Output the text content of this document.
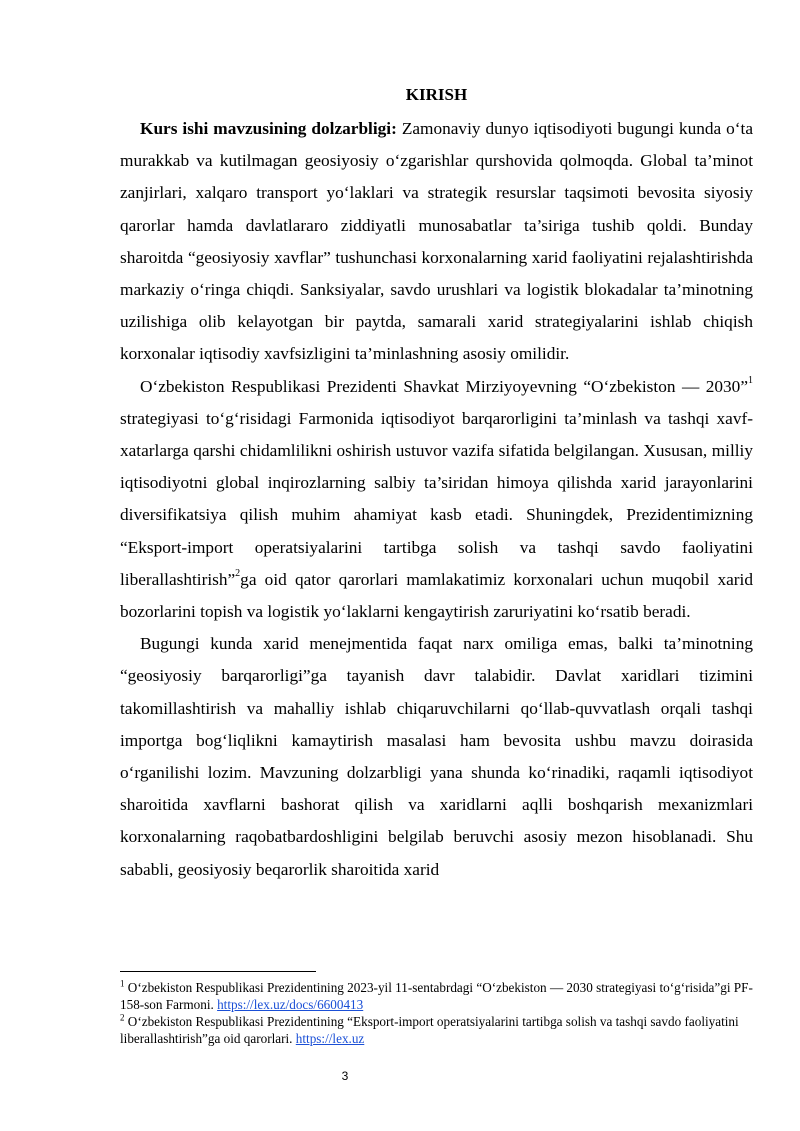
KIRISH

Kurs ishi mavzusining dolzarbligi: Zamonaviy dunyo iqtisodiyoti bugungi kunda o‘ta murakkab va kutilmagan geosiyosiy o‘zgarishlar qurshovida qolmoqda. Global ta’minot zanjirlari, xalqaro transport yo‘laklari va strategik resurslar taqsimoti bevosita siyosiy qarorlar hamda davlatlararo ziddiyatli munosabatlar ta’siriga tushib qoldi. Bunday sharoitda “geosiyosiy xavflar” tushunchasi korxonalarning xarid faoliyatini rejalashtirishda markaziy o‘ringa chiqdi. Sanksiyalar, savdo urushlari va logistik blokadalar ta’minotning uzilishiga olib kelayotgan bir paytda, samarali xarid strategiyalarini ishlab chiqish korxonalar iqtisodiy xavfsizligini ta’minlashning asosiy omilidir.

O‘zbekiston Respublikasi Prezidenti Shavkat Mirziyoyevning “O‘zbekiston — 2030”$^1$ strategiyasi to‘g‘risidagi Farmonida iqtisodiyot barqarorligini ta’minlash va tashqi xavf-xatarlarga qarshi chidamlilikni oshirish ustuvor vazifa sifatida belgilangan. Xususan, milliy iqtisodiyotni global inqirozlarning salbiy ta’siridan himoya qilishda xarid jarayonlarini diversifikatsiya qilish muhim ahamiyat kasb etadi. Shuningdek, Prezidentimizning “Eksport-import operatsiyalarini tartibga solish va tashqi savdo faoliyatini liberallashtirish”$^2$ga oid qator qarorlari mamlakatimiz korxonalari uchun muqobil xarid bozorlarini topish va logistik yo‘laklarni kengaytirish zaruriyatini ko‘rsatib beradi.

Bugungi kunda xarid menejmentida faqat narx omiliga emas, balki ta’minotning “geosiyosiy barqarorligi”ga tayanish davr talabidir. Davlat xaridlari tizimini takomillashtirish va mahalliy ishlab chiqaruvchilarni qo‘llab-quvvatlash orqali tashqi importga bog‘liqlikni kamaytirish masalasi ham bevosita ushbu mavzu doirasida o‘rganilishi lozim. Mavzuning dolzarbligi yana shunda ko‘rinadiki, raqamli iqtisodiyot sharoitida xavflarni bashorat qilish va xaridlarni aqlli boshqarish mexanizmlari korxonalarning raqobatbardoshligini belgilab beruvchi asosiy mezon hisoblanadi. Shu sababli, geosiyosiy beqarorlik sharoitida xarid

$^1$ O‘zbekiston Respublikasi Prezidentining 2023-yil 11-sentabrdagi “O‘zbekiston — 2030 strategiyasi to‘g‘risida”gi PF-158-son Farmoni. https://lex.uz/docs/6600413

$^2$ O‘zbekiston Respublikasi Prezidentining “Eksport-import operatsiyalarini tartibga solish va tashqi savdo faoliyatini liberallashtirish”ga oid qarorlari. https://lex.uz

3
